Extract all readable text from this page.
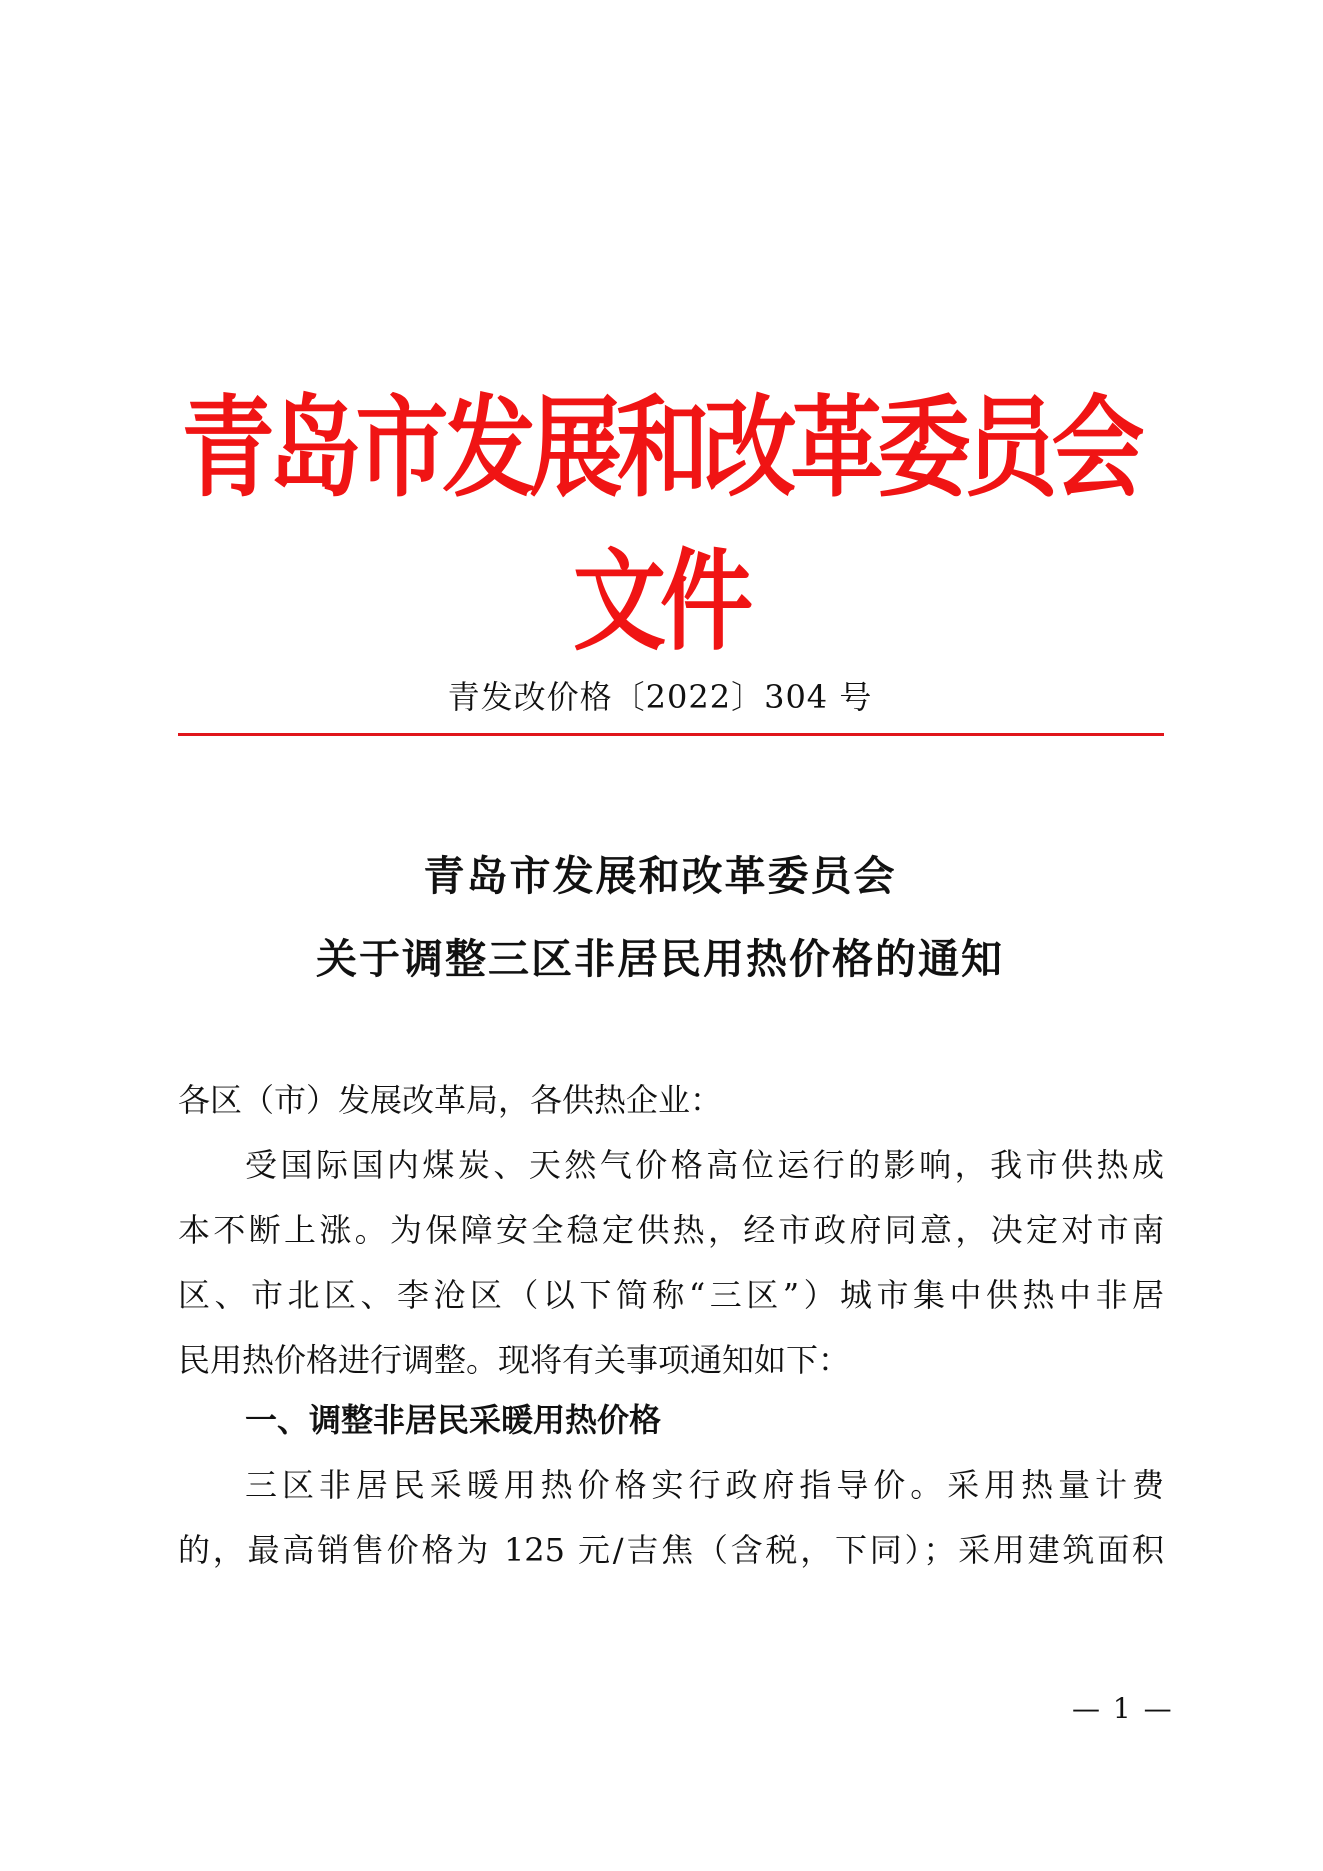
青岛市发展和改革委员会文件
青发改价格〔2022〕304 号
青岛市发展和改革委员会
关于调整三区非居民用热价格的通知
各区（市）发展改革局，各供热企业：
受国际国内煤炭、天然气价格高位运行的影响，我市供热成
本不断上涨。为保障安全稳定供热，经市政府同意，决定对市南
区、市北区、李沧区（以下简称“三区”）城市集中供热中非居
民用热价格进行调整。现将有关事项通知如下：
一、调整非居民采暖用热价格
三区非居民采暖用热价格实行政府指导价。采用热量计费
的，最高销售价格为 125 元/吉焦（含税，下同）；采用建筑面积
— 1 —
